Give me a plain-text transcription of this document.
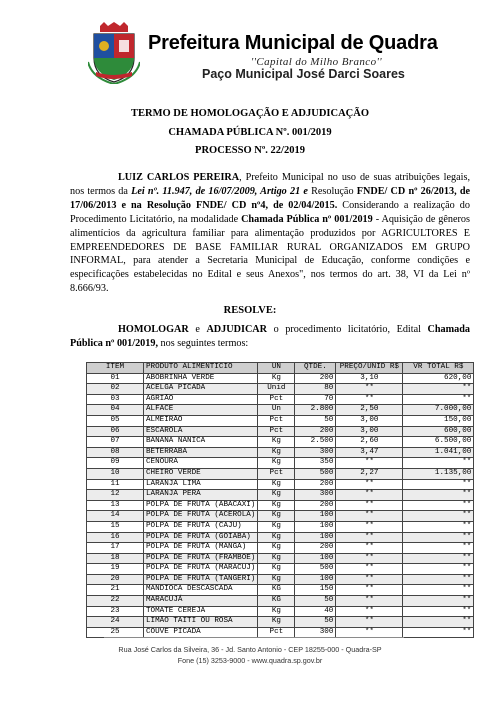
Prefeitura Municipal de Quadra
''Capital do Milho Branco''
Paço Municipal José Darci Soares
TERMO DE HOMOLOGAÇÃO E ADJUDICAÇÃO
CHAMADA PÚBLICA Nº. 001/2019
PROCESSO Nº. 22/2019

LUIZ CARLOS PEREIRA, Prefeito Municipal no uso de suas atribuições legais, nos termos da Lei nº. 11.947, de 16/07/2009, Artigo 21 e Resolução FNDE/ CD nº 26/2013, de 17/06/2013 e na Resolução FNDE/ CD nº4, de 02/04/2015. Considerando a realização do Procedimento Licitatório, na modalidade Chamada Pública nº 001/2019 - Aquisição de gêneros alimentícios da agricultura familiar para alimentação produzidos por AGRICULTORES E EMPREENDEDORES DE BASE FAMILIAR RURAL ORGANIZADOS EM GRUPO INFORMAL, para atender a Secretaria Municipal de Educação, conforme condições e especificações estabelecidas no Edital e seus Anexos", nos termos do art. 38, VI da Lei nº 8.666/93.

RESOLVE:

HOMOLOGAR e ADJUDICAR o procedimento licitatório, Edital Chamada Pública nº 001/2019, nos seguintes termos:

ITEM	PRODUTO ALIMENTICIO	UN	QTDE.	PREÇO/UNID R$	VR TOTAL R$
01	ABOBRINHA VERDE	Kg	200	3,10	620,00
02	ACELGA PICADA	Unid	80	**	**
03	AGRIÃO	Pct	70	**	**
04	ALFACE	Un	2.800	2,50	7.000,00
05	ALMEIRÃO	Pct	50	3,00	150,00
06	ESCAROLA	Pct	200	3,00	600,00
07	BANANA NANICA	Kg	2.500	2,60	6.500,00
08	BETERRABA	Kg	300	3,47	1.041,00
09	CENOURA	Kg	350	**	**
10	CHEIRO VERDE	Pct	500	2,27	1.135,00
11	LARANJA LIMA	Kg	200	**	**
12	LARANJA PERA	Kg	300	**	**
13	POLPA DE FRUTA (ABACAXI)	Kg	200	**	**
14	POLPA DE FRUTA (ACEROLA)	Kg	100	**	**
15	POLPA DE FRUTA (CAJU)	Kg	100	**	**
16	POLPA DE FRUTA (GOIABA)	Kg	100	**	**
17	POLPA DE FRUTA (MANGA)	Kg	200	**	**
18	POLPA DE FRUTA (FRAMBOE)	Kg	100	**	**
19	POLPA DE FRUTA (MARACUJ)	Kg	500	**	**
20	POLPA DE FRUTA (TANGERI)	Kg	100	**	**
21	MANDIOCA DESCASCADA	KG	150	**	**
22	MARACUJÁ	KG	50	**	**
23	TOMATE CEREJA	Kg	40	**	**
24	LIMÃO TAITI OU ROSA	Kg	50	**	**
25	COUVE PICADA	Pct	300	**	**
Rua José Carlos da Silveira, 36 - Jd. Santo Antonio - CEP 18255-000 - Quadra-SP
Fone (15) 3253-9000 - www.quadra.sp.gov.br
